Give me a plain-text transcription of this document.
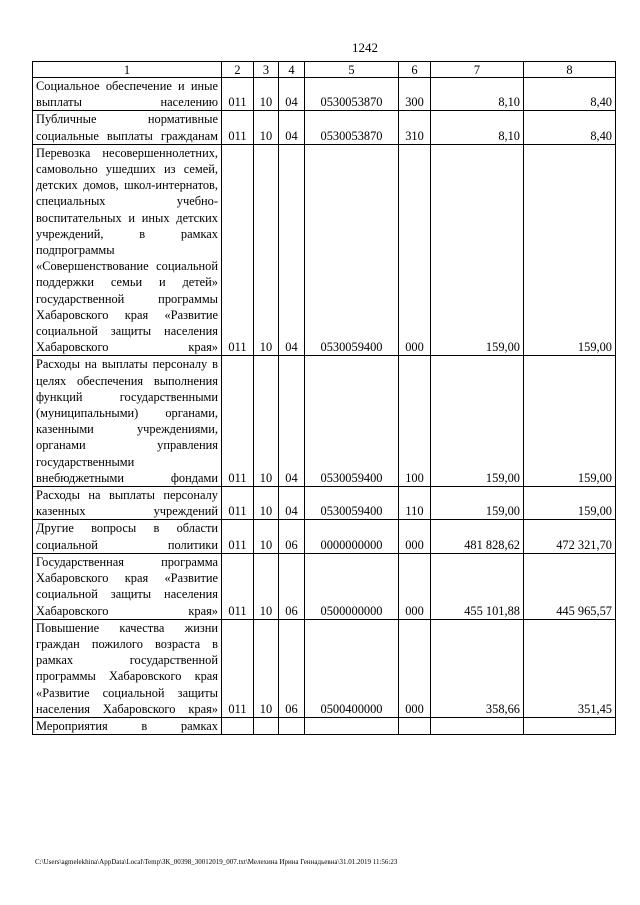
1242
1	2	3	4	5	6	7	8
Социальное обеспечение и иные выплаты населению	011	10	04	0530053870	300	8,10	8,40
Публичные нормативные социальные выплаты гражданам	011	10	04	0530053870	310	8,10	8,40
Перевозка несовершеннолетних, самовольно ушедших из семей, детских домов, школ-интернатов, специальных учебно-воспитательных и иных детских учреждений, в рамках подпрограммы «Совершенствование социальной поддержки семьи и детей» государственной программы Хабаровского края «Развитие социальной защиты населения Хабаровского края»	011	10	04	0530059400	000	159,00	159,00
Расходы на выплаты персоналу в целях обеспечения выполнения функций государственными (муниципальными) органами, казенными учреждениями, органами управления государственными внебюджетными фондами	011	10	04	0530059400	100	159,00	159,00
Расходы на выплаты персоналу казенных учреждений	011	10	04	0530059400	110	159,00	159,00
Другие вопросы в области социальной политики	011	10	06	0000000000	000	481 828,62	472 321,70
Государственная программа Хабаровского края «Развитие социальной защиты населения Хабаровского края»	011	10	06	0500000000	000	455 101,88	445 965,57
Повышение качества жизни граждан пожилого возраста в рамках государственной программы Хабаровского края «Развитие социальной защиты населения Хабаровского края»	011	10	06	0500400000	000	358,66	351,45
Мероприятия в рамках							
C:\Users\agmelekhina\AppData\Local\Temp\ЗК_00398_30012019_007.txt\Мелехина Ирина Геннадьевна\31.01.2019 11:56:23
